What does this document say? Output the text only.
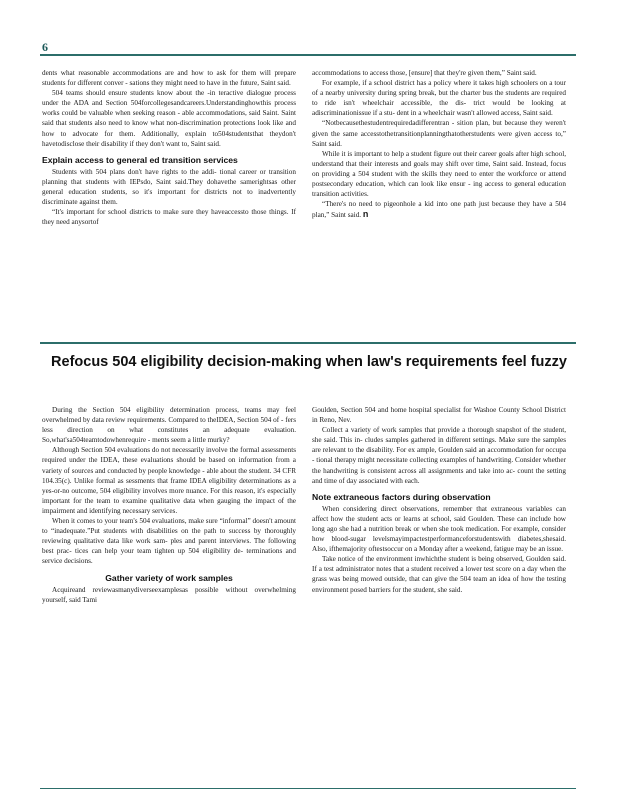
6

dents what reasonable accommodations are and how to ask for them will prepare students for different conver - sations they might need to have in the future, Saint said.

504 teams should ensure students know about the -in teractive dialogue process under the ADA and Section 504forcollegesandcareers.Understandinghowthis process works could be valuable when seeking reason - able accommodations, said Saint. Saint said that students also need to know what non-discrimination protections look like and how to advocate for them. Additionally, explain to504studentsthat theydon't havetodisclose their disability if they don't want to, Saint said.

Explain access to general ed transition services

Students with 504 plans don't have rights to the addi- tional career or transition planning that students with IEPsdo, Saint said.They dohavethe samerightsas other general education students, so it's important for districts not to inadvertently discriminate against them.

“It's important for school districts to make sure they haveaccessto those things. If they need anysortof

accommodations to access those, [ensure] that they're given them,” Saint said.

For example, if a school district has a policy where it takes high schoolers on a tour of a nearby university during spring break, but the charter bus the students are required to ride isn't wheelchair accessible, the dis- trict would be looking at adiscriminationissue if a stu- dent in a wheelchair wasn't allowed access, Saint said.

“Notbecausethestudentrequiredadifferentran - sition plan, but because they weren't given the same accesstothetransitionplanningthatotherstudents were given access to,” Saint said.

While it is important to help a student figure out their career goals after high school, understand that their interests and goals may shift over time, Saint said. Instead, focus on providing a 504 student with the skills they need to enter the workforce or attend postsecondary education, which can look like ensur - ing access to general education transition activities.

“There's no need to pigeonhole a kid into one path just because they have a 504 plan,” Saint said. n

Refocus 504 eligibility decision-making when law's requirements feel fuzzy

During the Section 504 eligibility determination process, teams may feel overwhelmed by data review requirements. Compared to theIDEA, Section 504 of - fers less direction on what constitutes an adequate evaluation. So,what'sa504teamtodowhenrequire - ments seem a little murky?

Although Section 504 evaluations do not necessarily involve the formal assessments required under the IDEA, these evaluations should be based on information from a variety of sources and conducted by people knowledge - able about the student. 34 CFR 104.35(c). Unlike formal as sessments that frame IDEA eligibility determinations as a yes-or-no outcome, 504 eligibility involves more nuance. For this reason, it's especially important for the team to examine qualitative data when gauging the impact of the impairment and identifying necessary services.

When it comes to your team's 504 evaluations, make sure “informal” doesn't amount to “inadequate.”Put students with disabilities on the path to success by thoroughly reviewing qualitative data like work sam- ples and parent interviews. The following best prac- tices can help your team tighten up 504 eligibility de- terminations and service decisions.

Gather variety of work samples

Acquireand reviewasmanydiverseexamplesas possible without overwhelming yourself, said Tami

Goulden, Section 504 and home hospital specialist for Washoe County School District in Reno, Nev.

Collect a variety of work samples that provide a thorough snapshot of the student, she said. This in- cludes samples gathered in different settings. Make sure the samples are relevant to the disability. For ex ample, Goulden said an accommodation for occupa - tional therapy might necessitate collecting examples of handwriting. Consider whether the handwriting is consistent across all assignments and take into ac- count the setting and time of day associated with each.

Note extraneous factors during observation

When considering direct observations, remember that extraneous variables can affect how the student acts or learns at school, said Goulden. These can include how long ago she had a nutrition break or when she took medication. For example, consider how blood-sugar levelsmayimpactestperformanceforstudentswith diabetes,shesaid. Also, ifthemajority oftestsoccur on a Monday after a weekend, fatigue may be an issue.

Take notice of the environment inwhichthe student is being observed, Goulden said. If a test administrator notes that a student received a lower test score on a day when the grass was being mowed outside, that can give the 504 team an idea of how the testing environment posed barriers for the student, she said.
